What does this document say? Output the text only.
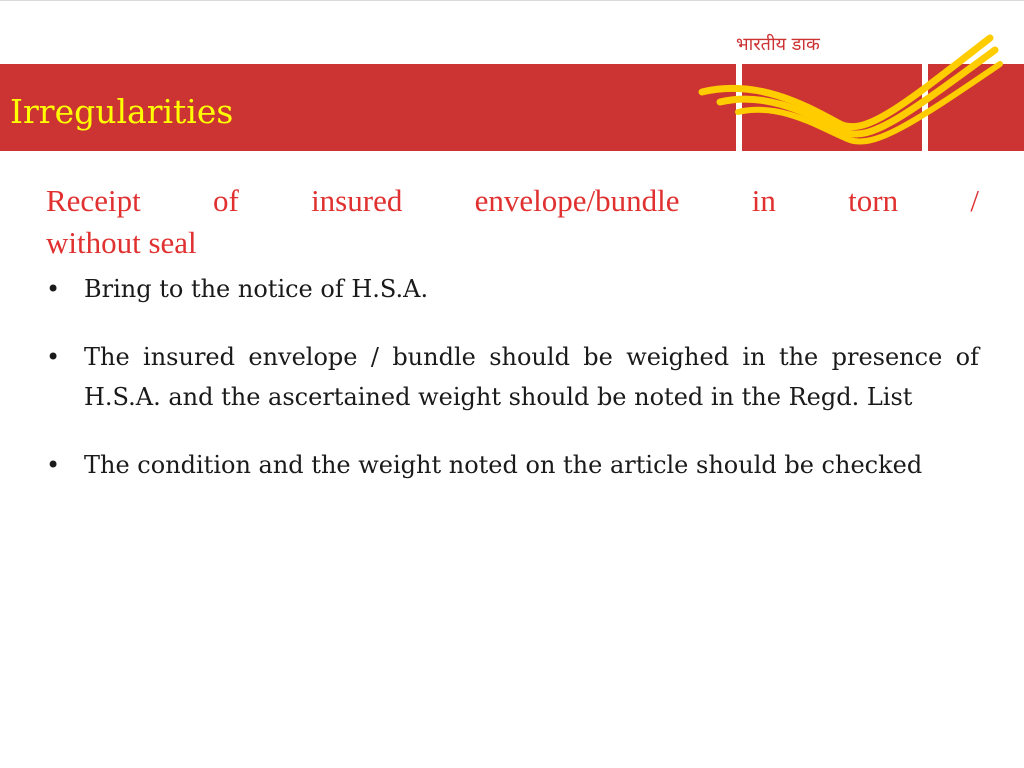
Irregularities
भारतीय डाक

Receipt of insured envelope/bundle in torn /
without seal

• Bring to the notice of H.S.A.
• The insured envelope / bundle should be weighed in the presence of H.S.A. and the ascertained weight should be noted in the Regd. List
• The condition and the weight noted on the article should be checked
